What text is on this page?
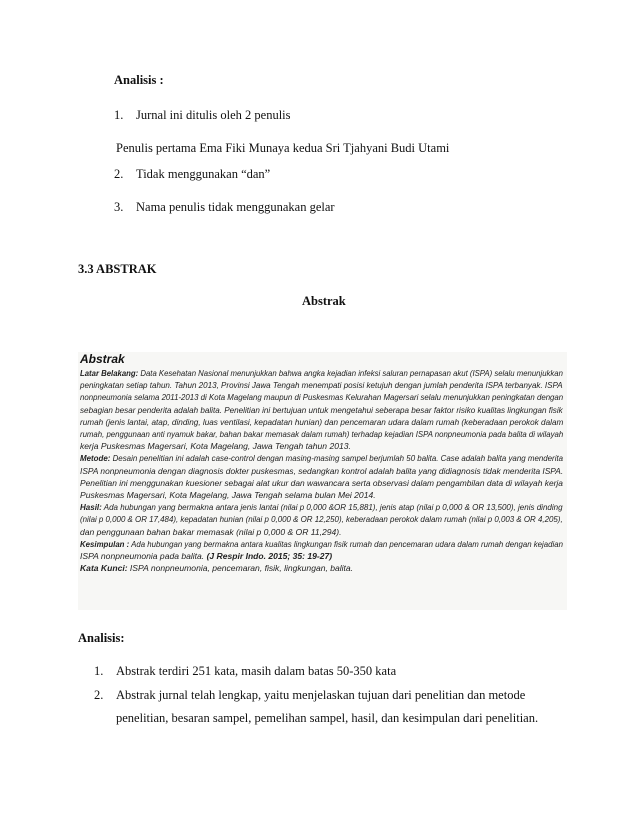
Analisis :
1. Jurnal ini ditulis oleh 2 penulis
Penulis pertama Ema Fiki Munaya kedua Sri Tjahyani Budi Utami
2. Tidak menggunakan “dan”
3. Nama penulis tidak menggunakan gelar
3.3 ABSTRAK
Abstrak
Abstrak
Latar Belakang: Data Kesehatan Nasional menunjukkan bahwa angka kejadian infeksi saluran pernapasan akut (ISPA) selalu menunjukkan
peningkatan setiap tahun. Tahun 2013, Provinsi Jawa Tengah menempati posisi ketujuh dengan jumlah penderita ISPA terbanyak. ISPA
nonpneumonia selama 2011-2013 di Kota Magelang maupun di Puskesmas Kelurahan Magersari selalu menunjukkan peningkatan dengan
sebagian besar penderita adalah balita. Penelitian ini bertujuan untuk mengetahui seberapa besar faktor risiko kualitas lingkungan fisik
rumah (jenis lantai, atap, dinding, luas ventilasi, kepadatan hunian) dan pencemaran udara dalam rumah (keberadaan perokok dalam
rumah, penggunaan anti nyamuk bakar, bahan bakar memasak dalam rumah) terhadap kejadian ISPA nonpneumonia pada balita di wilayah
kerja Puskesmas Magersari, Kota Magelang, Jawa Tengah tahun 2013.
Metode: Desain penelitian ini adalah case-control dengan masing-masing sampel berjumlah 50 balita. Case adalah balita yang menderita
ISPA nonpneumonia dengan diagnosis dokter puskesmas, sedangkan kontrol adalah balita yang didiagnosis tidak menderita ISPA.
Penelitian ini menggunakan kuesioner sebagai alat ukur dan wawancara serta observasi dalam pengambilan data di wilayah kerja
Puskesmas Magersari, Kota Magelang, Jawa Tengah selama bulan Mei 2014.
Hasil: Ada hubungan yang bermakna antara jenis lantai (nilai p 0,000 &OR 15,881), jenis atap (nilai p 0,000 & OR 13,500), jenis dinding
(nilai p 0,000 & OR 17,484), kepadatan hunian (nilai p 0,000 & OR 12,250), keberadaan perokok dalam rumah (nilai p 0,003 & OR 4,205),
dan penggunaan bahan bakar memasak (nilai p 0,000 & OR 11,294).
Kesimpulan : Ada hubungan yang bermakna antara kualitas lingkungan fisik rumah dan pencemaran udara dalam rumah dengan kejadian
ISPA nonpneumonia pada balita. (J Respir Indo. 2015; 35: 19-27)
Kata Kunci: ISPA nonpneumonia, pencemaran, fisik, lingkungan, balita.
Analisis:
1. Abstrak terdiri 251 kata, masih dalam batas 50-350 kata
2. Abstrak jurnal telah lengkap, yaitu menjelaskan tujuan dari penelitian dan metode
penelitian, besaran sampel, pemelihan sampel, hasil, dan kesimpulan dari penelitian.
